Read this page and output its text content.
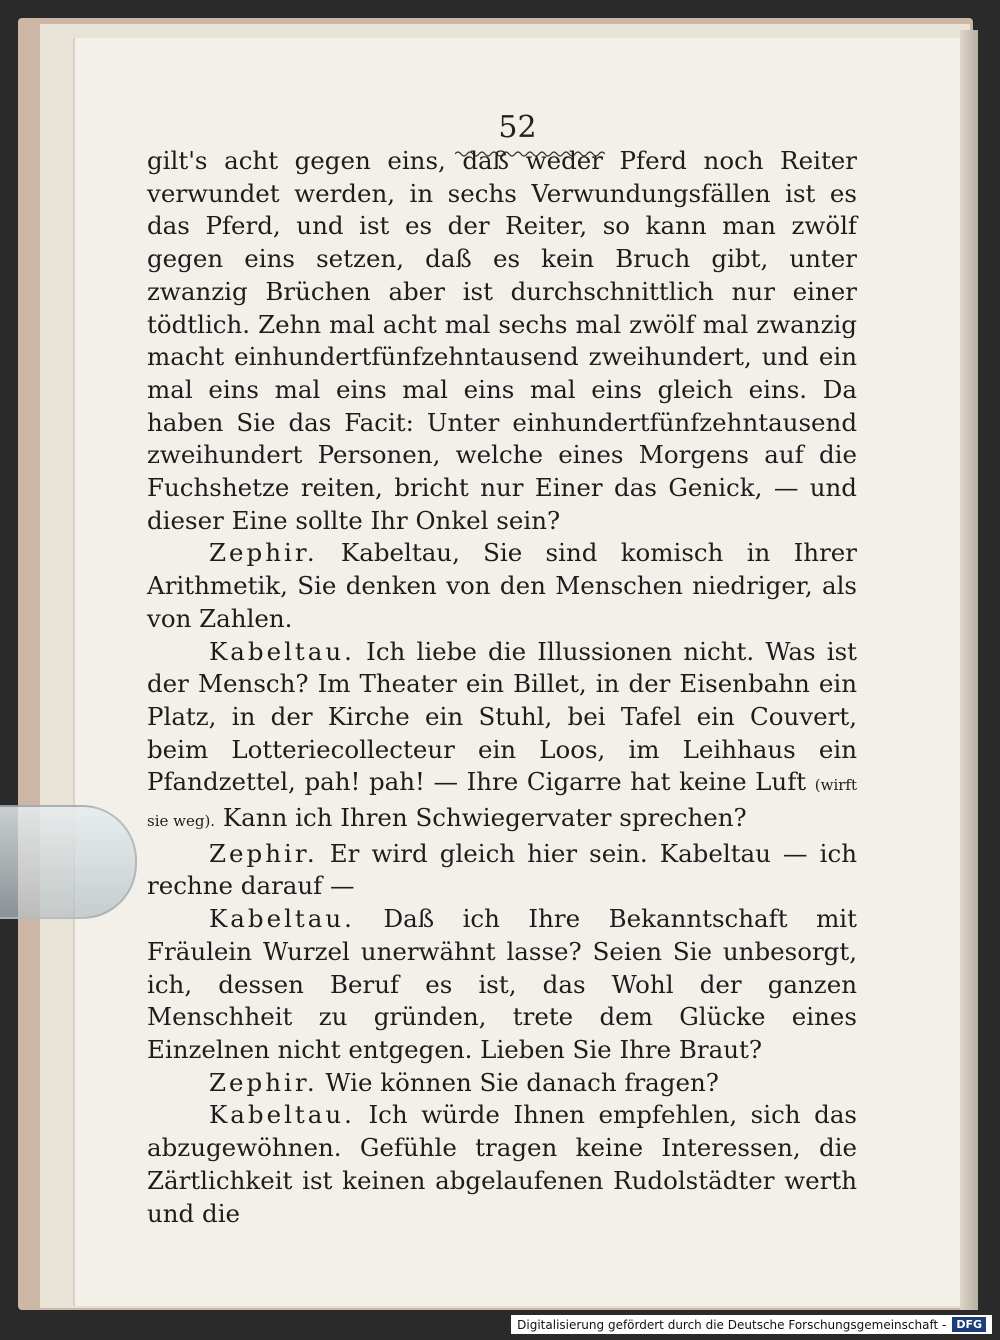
52

gilt's acht gegen eins, daß weder Pferd noch Reiter verwundet werden, in sechs Verwundungsfällen ist es das Pferd, und ist es der Reiter, so kann man zwölf gegen eins setzen, daß es kein Bruch gibt, unter zwanzig Brüchen aber ist durchschnittlich nur einer tödtlich. Zehn mal acht mal sechs mal zwölf mal zwanzig macht einhundertfünfzehntausend zweihundert, und ein mal eins mal eins mal eins mal eins gleich eins. Da haben Sie das Facit: Unter einhundertfünfzehntausend zweihundert Personen, welche eines Morgens auf die Fuchshetze reiten, bricht nur Einer das Genick, — und dieser Eine sollte Ihr Onkel sein?

Zephir. Kabeltau, Sie sind komisch in Ihrer Arithmetik, Sie denken von den Menschen niedriger, als von Zahlen.

Kabeltau. Ich liebe die Illussionen nicht. Was ist der Mensch? Im Theater ein Billet, in der Eisenbahn ein Platz, in der Kirche ein Stuhl, bei Tafel ein Couvert, beim Lotteriecollecteur ein Loos, im Leihhaus ein Pfandzettel, pah! pah! — Ihre Cigarre hat keine Luft (wirft sie weg). Kann ich Ihren Schwiegervater sprechen?

Zephir. Er wird gleich hier sein. Kabeltau — ich rechne darauf —

Kabeltau. Daß ich Ihre Bekanntschaft mit Fräulein Wurzel unerwähnt lasse? Seien Sie unbesorgt, ich, dessen Beruf es ist, das Wohl der ganzen Menschheit zu gründen, trete dem Glücke eines Einzelnen nicht entgegen. Lieben Sie Ihre Braut?

Zephir. Wie können Sie danach fragen?

Kabeltau. Ich würde Ihnen empfehlen, sich das abzugewöhnen. Gefühle tragen keine Interessen, die Zärtlichkeit ist keinen abgelaufenen Rudolstädter werth und die

Digitalisierung gefördert durch die Deutsche Forschungsgemeinschaft - DFG
